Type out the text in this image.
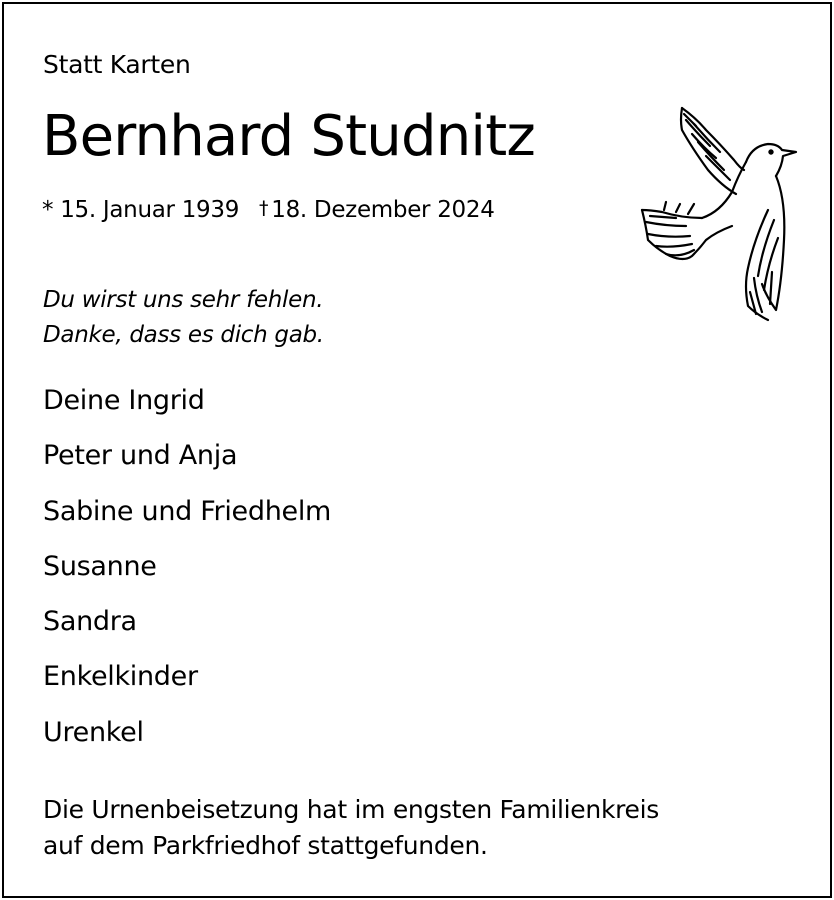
Statt Karten
Bernhard Studnitz
* 15. Januar 1939 † 18. Dezember 2024
Du wirst uns sehr fehlen.
Danke, dass es dich gab.
Deine Ingrid
Peter und Anja
Sabine und Friedhelm
Susanne
Sandra
Enkelkinder
Urenkel
Die Urnenbeisetzung hat im engsten Familienkreis
auf dem Parkfriedhof stattgefunden.
